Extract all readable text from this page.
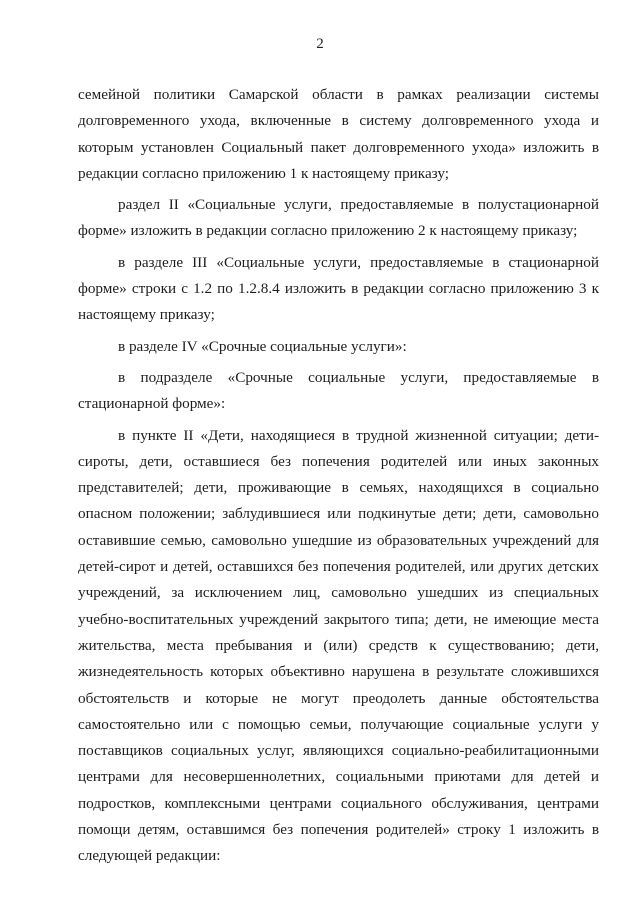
2

семейной политики Самарской области в рамках реализации системы долговременного ухода, включенные в систему долговременного ухода и которым установлен Социальный пакет долговременного ухода» изложить в редакции согласно приложению 1 к настоящему приказу;

раздел II «Социальные услуги, предоставляемые в полустационарной форме» изложить в редакции согласно приложению 2 к настоящему приказу;

в разделе III «Социальные услуги, предоставляемые в стационарной форме» строки с 1.2 по 1.2.8.4 изложить в редакции согласно приложению 3 к настоящему приказу;

в разделе IV «Срочные социальные услуги»:

в подразделе «Срочные социальные услуги, предоставляемые в стационарной форме»:

в пункте II «Дети, находящиеся в трудной жизненной ситуации; дети-сироты, дети, оставшиеся без попечения родителей или иных законных представителей; дети, проживающие в семьях, находящихся в социально опасном положении; заблудившиеся или подкинутые дети; дети, самовольно оставившие семью, самовольно ушедшие из образовательных учреждений для детей-сирот и детей, оставшихся без попечения родителей, или других детских учреждений, за исключением лиц, самовольно ушедших из специальных учебно-воспитательных учреждений закрытого типа; дети, не имеющие места жительства, места пребывания и (или) средств к существованию; дети, жизнедеятельность которых объективно нарушена в результате сложившихся обстоятельств и которые не могут преодолеть данные обстоятельства самостоятельно или с помощью семьи, получающие социальные услуги у поставщиков социальных услуг, являющихся социально-реабилитационными центрами для несовершеннолетних, социальными приютами для детей и подростков, комплексными центрами социального обслуживания, центрами помощи детям, оставшимся без попечения родителей» строку 1 изложить в следующей редакции:
